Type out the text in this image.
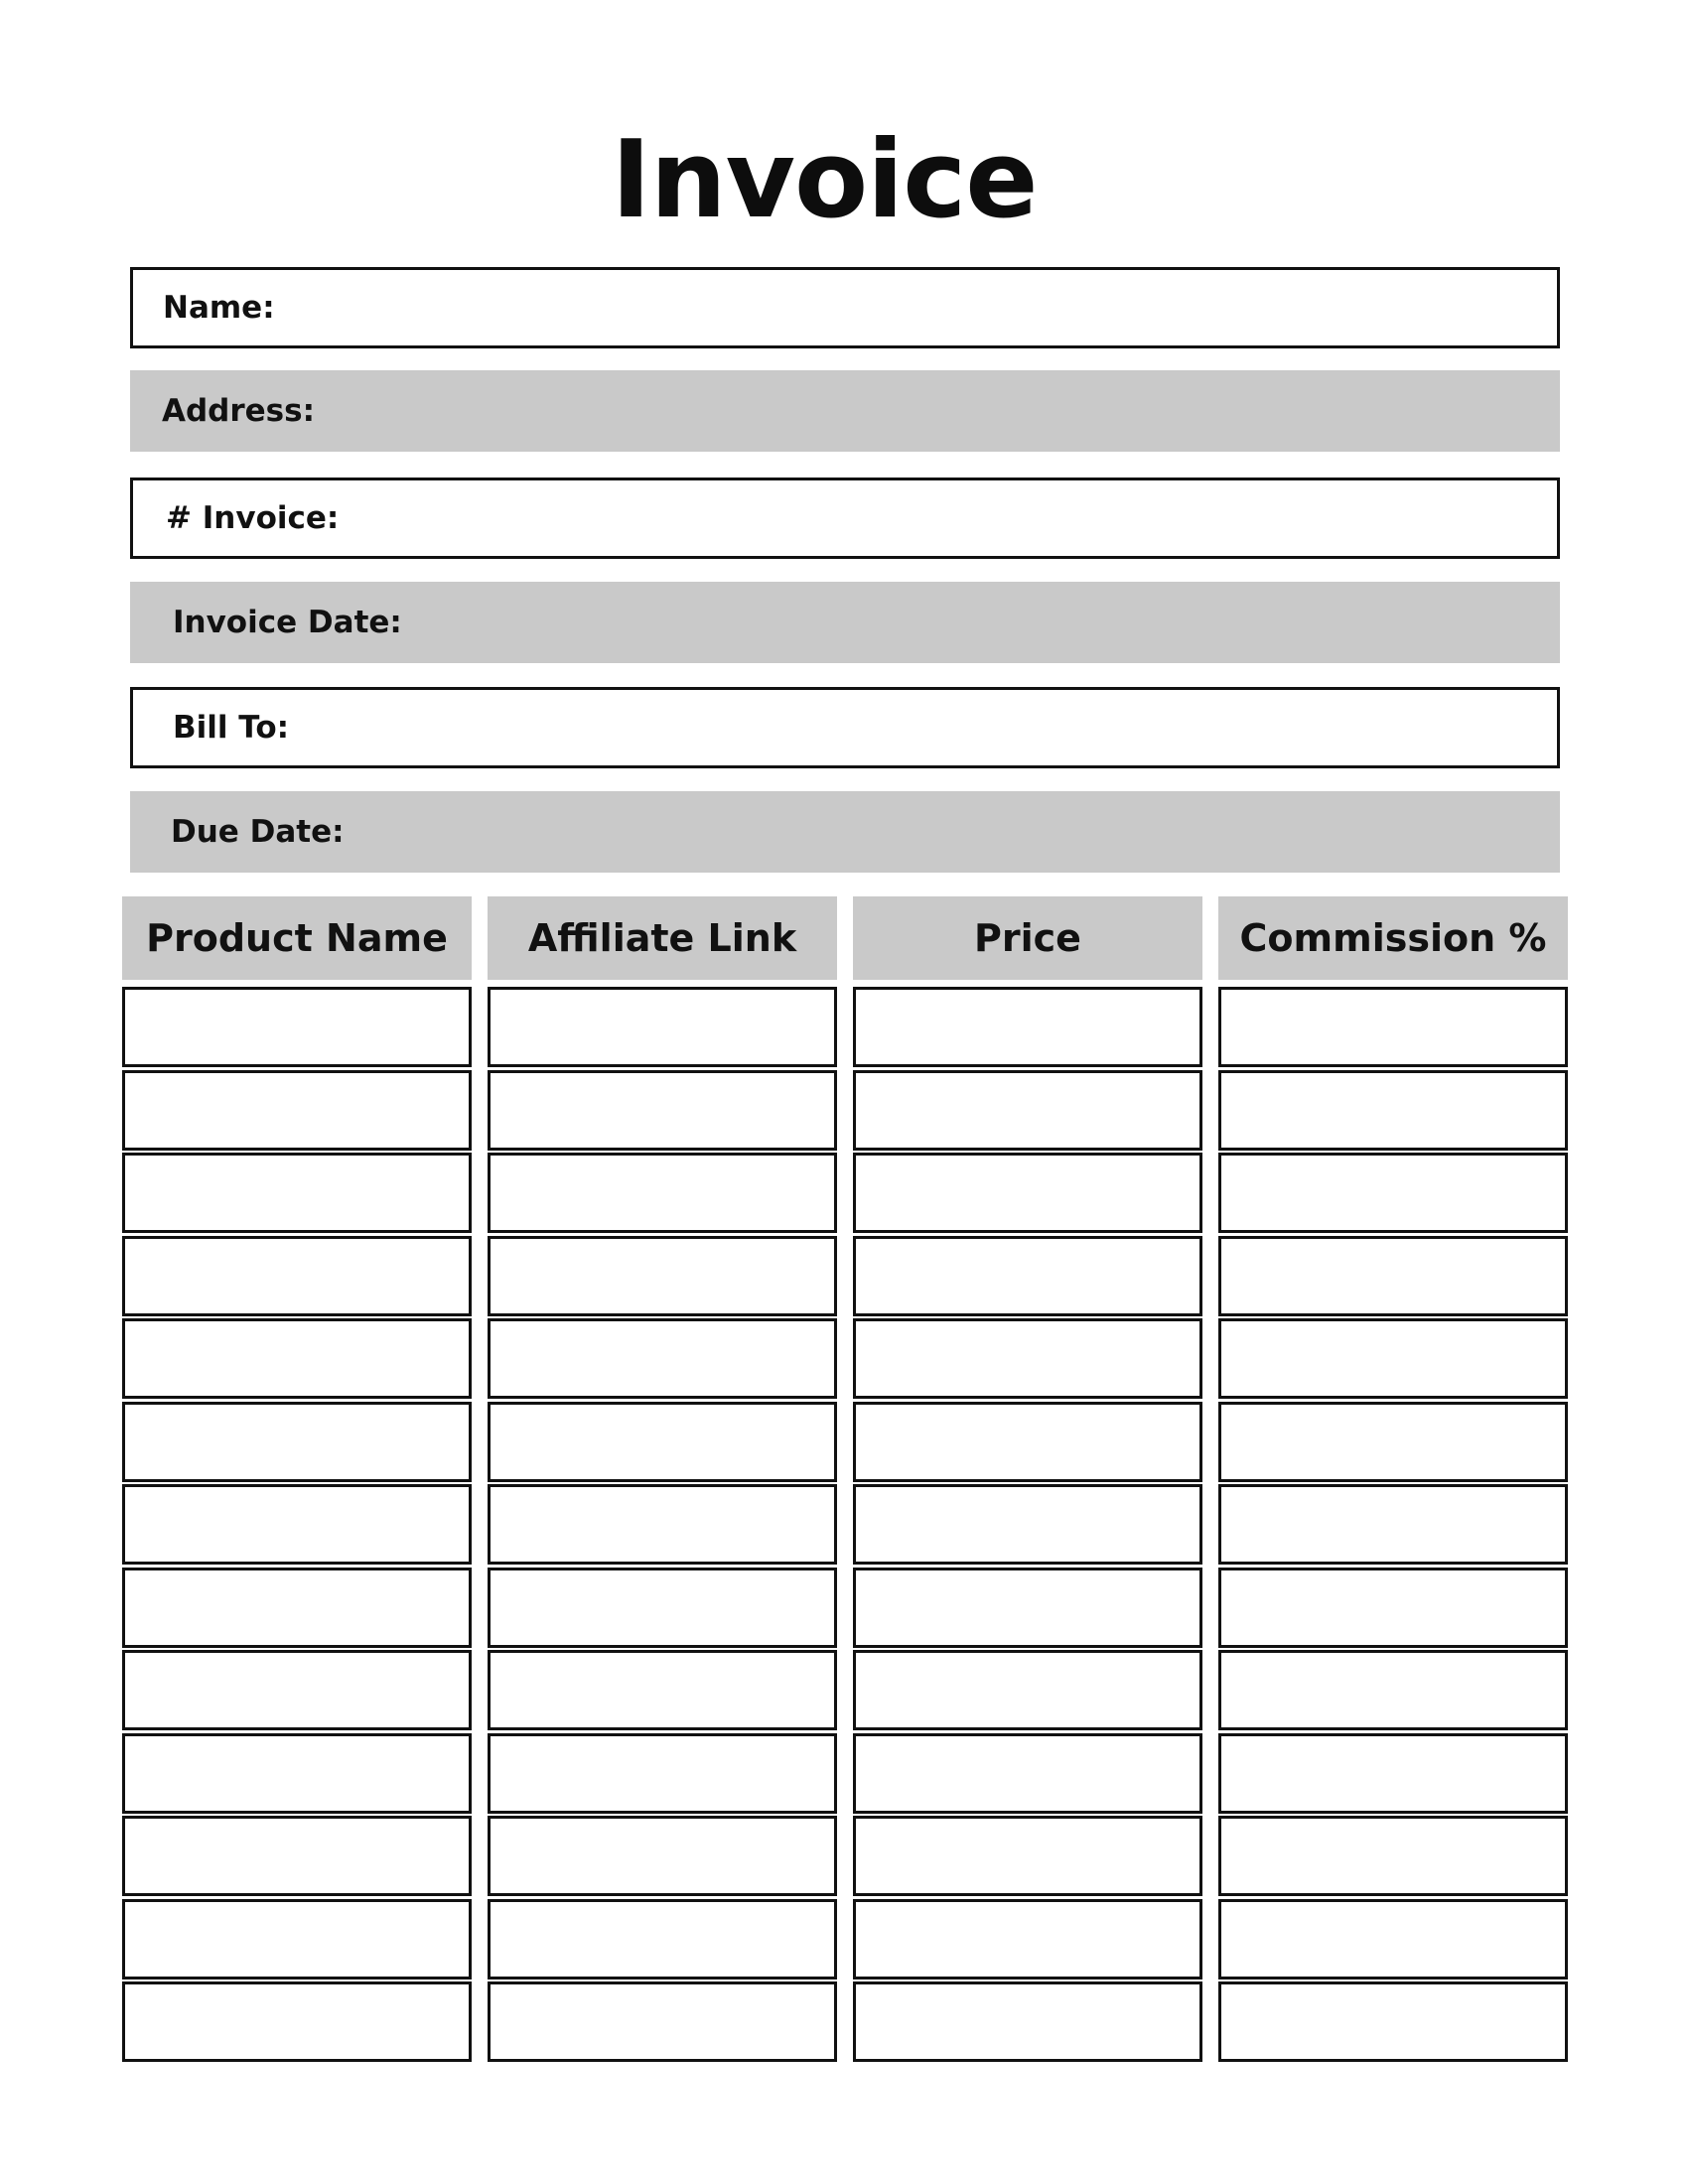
Invoice
Name:
Address:
# Invoice:
Invoice Date:
Bill To:
Due Date:
Product Name	Affiliate Link	Price	Commission %
